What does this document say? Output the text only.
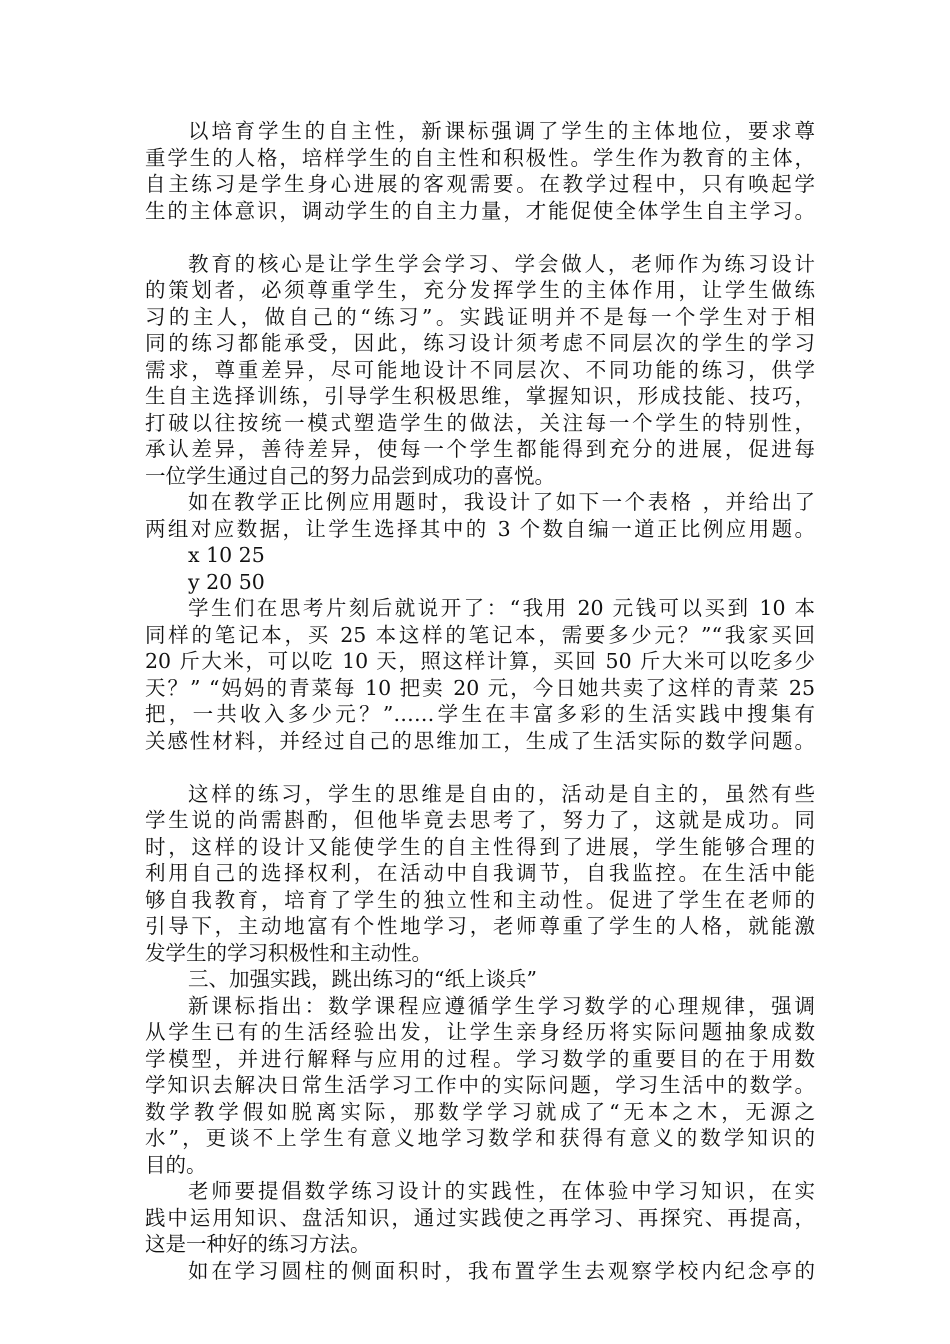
以培育学生的自主性，新课标强调了学生的主体地位，要求尊
重学生的人格，培样学生的自主性和积极性。学生作为教育的主体，
自主练习是学生身心进展的客观需要。在教学过程中，只有唤起学
生的主体意识，调动学生的自主力量，才能促使全体学生自主学习。
教育的核心是让学生学会学习、学会做人，老师作为练习设计
的策划者，必须尊重学生，充分发挥学生的主体作用，让学生做练
习的主人，做自己的“练习”。实践证明并不是每一个学生对于相
同的练习都能承受，因此，练习设计须考虑不同层次的学生的学习
需求，尊重差异，尽可能地设计不同层次、不同功能的练习，供学
生自主选择训练，引导学生积极思维，掌握知识，形成技能、技巧，
打破以往按统一模式塑造学生的做法，关注每一个学生的特别性，
承认差异，善待差异，使每一个学生都能得到充分的进展，促进每
一位学生通过自己的努力品尝到成功的喜悦。
如在教学正比例应用题时，我设计了如下一个表格 ，并给出了
两组对应数据，让学生选择其中的 3 个数自编一道正比例应用题。
x 10 25
y 20 50
学生们在思考片刻后就说开了：“我用 20 元钱可以买到 10 本
同样的笔记本，买 25 本这样的笔记本，需要多少元？”“我家买回
20 斤大米，可以吃 10 天，照这样计算，买回 50 斤大米可以吃多少
天？” “妈妈的青菜每 10 把卖 20 元，今日她共卖了这样的青菜 25
把，一共收入多少元？”……学生在丰富多彩的生活实践中搜集有
关感性材料，并经过自己的思维加工，生成了生活实际的数学问题。
这样的练习，学生的思维是自由的，活动是自主的，虽然有些
学生说的尚需斟酌，但他毕竟去思考了，努力了，这就是成功。同
时，这样的设计又能使学生的自主性得到了进展，学生能够合理的
利用自己的选择权利，在活动中自我调节，自我监控。在生活中能
够自我教育，培育了学生的独立性和主动性。促进了学生在老师的
引导下，主动地富有个性地学习，老师尊重了学生的人格，就能激
发学生的学习积极性和主动性。
三、加强实践，跳出练习的“纸上谈兵”
新课标指出：数学课程应遵循学生学习数学的心理规律，强调
从学生已有的生活经验出发，让学生亲身经历将实际问题抽象成数
学模型，并进行解释与应用的过程。学习数学的重要目的在于用数
学知识去解决日常生活学习工作中的实际问题，学习生活中的数学。
数学教学假如脱离实际，那数学学习就成了“无本之木，无源之
水”，更谈不上学生有意义地学习数学和获得有意义的数学知识的
目的。
老师要提倡数学练习设计的实践性，在体验中学习知识，在实
践中运用知识、盘活知识，通过实践使之再学习、再探究、再提高，
这是一种好的练习方法。
如在学习圆柱的侧面积时，我布置学生去观察学校内纪念亭的
